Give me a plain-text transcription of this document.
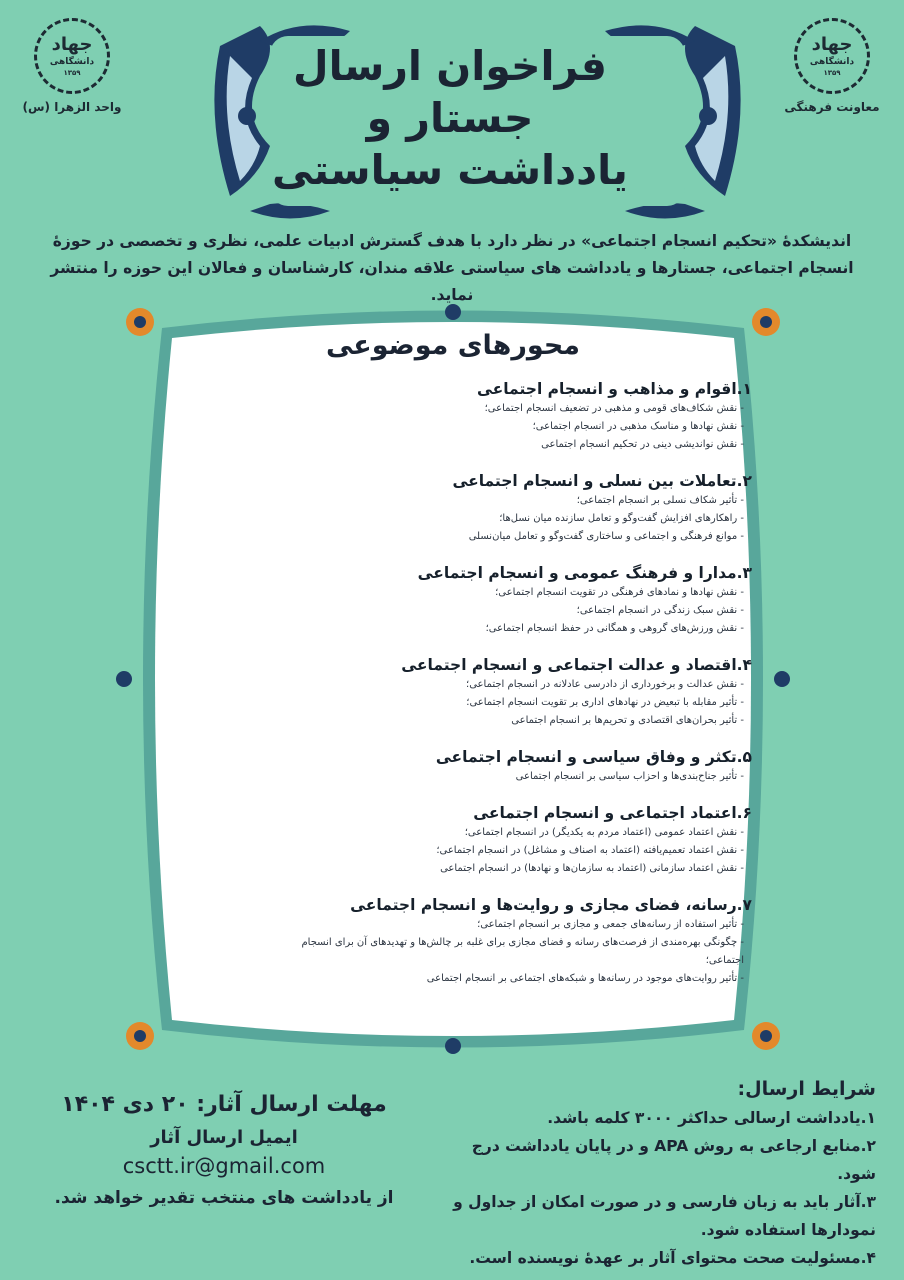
جهاد
دانشگاهی
۱۳۵۹
واحد الزهرا (س)
جهاد
دانشگاهی
۱۳۵۹
معاونت فرهنگی
فراخوان ارسال
جستار و
یادداشت سیاستی
اندیشکدهٔ «تحکیم انسجام اجتماعی» در نظر دارد با هدف گسترش ادبیات علمی، نظری و تخصصی در حوزهٔ انسجام اجتماعی، جستارها و یادداشت های سیاستی علاقه مندان، کارشناسان و فعالان این حوزه را منتشر نماید.
محورهای موضوعی
۱.اقوام و مذاهب و انسجام اجتماعی
- نقش شکاف‌های قومی و مذهبی در تضعیف انسجام اجتماعی؛
- نقش نهادها و مناسک مذهبی در انسجام اجتماعی؛
- نقش نواندیشی دینی در تحکیم انسجام اجتماعی
۲.تعاملات بین نسلی و انسجام اجتماعی
- تأثیر شکاف نسلی بر انسجام اجتماعی؛
- راهکارهای افزایش گفت‌وگو و تعامل سازنده میان نسل‌ها؛
- موانع فرهنگی و اجتماعی و ساختاری گفت‌وگو و تعامل میان‌نسلی
۳.مدارا و فرهنگ عمومی و انسجام اجتماعی
- نقش نهادها و نمادهای فرهنگی در تقویت انسجام اجتماعی؛
- نقش سبک زندگی در انسجام اجتماعی؛
- نقش ورزش‌های گروهی و همگانی در حفظ انسجام اجتماعی؛
۴.اقتصاد و عدالت اجتماعی و انسجام اجتماعی
- نقش عدالت و برخورداری از دادرسی عادلانه در انسجام اجتماعی؛
- تأثیر مقابله با تبعیض در نهادهای اداری بر تقویت انسجام اجتماعی؛
- تأثیر بحران‌های اقتصادی و تحریم‌ها بر انسجام اجتماعی
۵.تکثر و وفاق سیاسی و انسجام اجتماعی
- تأثیر جناح‌بندی‌ها و احزاب سیاسی بر انسجام اجتماعی
۶.اعتماد اجتماعی و انسجام اجتماعی
- نقش اعتماد عمومی (اعتماد مردم به یکدیگر) در انسجام اجتماعی؛
- نقش اعتماد تعمیم‌یافته (اعتماد به اصناف و مشاغل) در انسجام اجتماعی؛
- نقش اعتماد سازمانی (اعتماد به سازمان‌ها و نهادها) در انسجام اجتماعی
۷.رسانه، فضای مجازی و روایت‌ها و انسجام اجتماعی
- تأثیر استفاده از رسانه‌های جمعی و مجازی بر انسجام اجتماعی؛
- چگونگی بهره‌مندی از فرصت‌های رسانه و فضای مجازی برای غلبه بر چالش‌ها و تهدیدهای آن برای انسجام اجتماعی؛
- تأثیر روایت‌های موجود در رسانه‌ها و شبکه‌های اجتماعی بر انسجام اجتماعی
شرایط ارسال:
۱.یادداشت ارسالی حداکثر ۳۰۰۰ کلمه باشد.
۲.منابع ارجاعی به روش APA و در پایان یادداشت درج شود.
۳.آثار باید به زبان فارسی و در صورت امکان از جداول و نمودارها استفاده شود.
۴.مسئولیت صحت محتوای آثار بر عهدهٔ نویسنده است.
مهلت ارسال آثار: ۲۰ دی ۱۴۰۴
ایمیل ارسال آثار
csctt.ir@gmail.com
از یادداشت های منتخب تقدیر خواهد شد.
